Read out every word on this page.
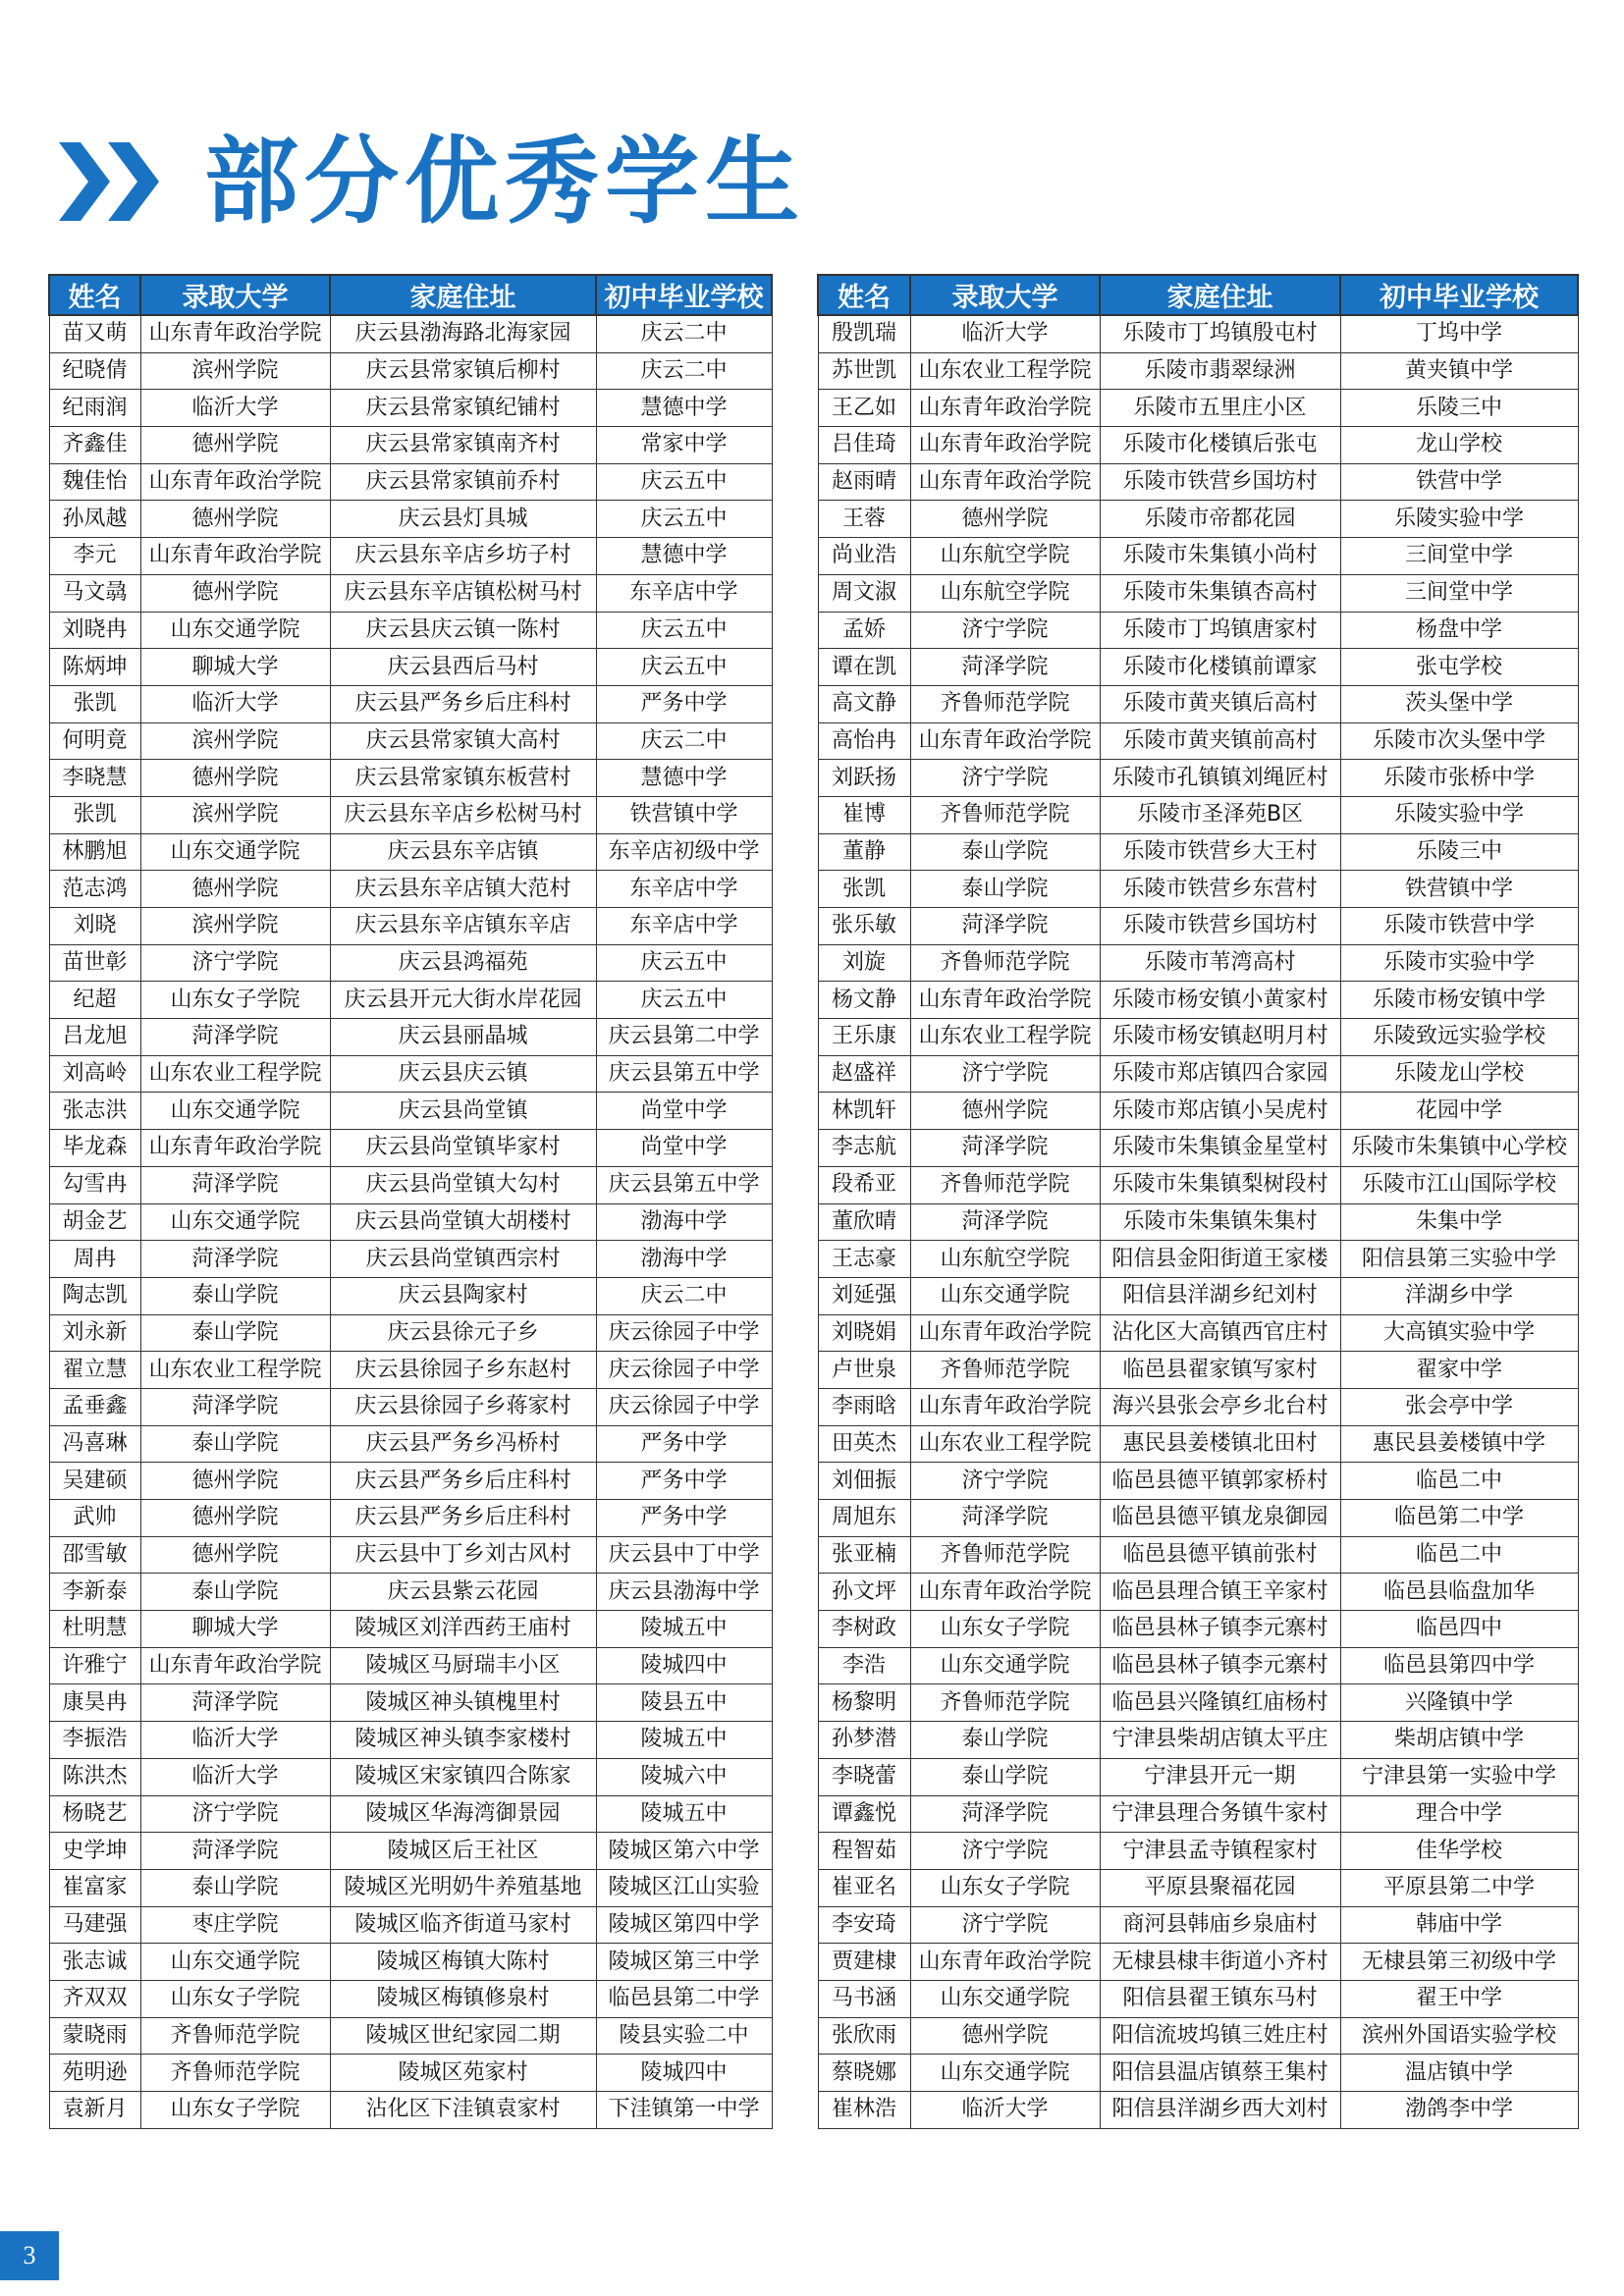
部分优秀学生
姓名	录取大学	家庭住址	初中毕业学校
苗又萌	山东青年政治学院	庆云县渤海路北海家园	庆云二中
纪晓倩	滨州学院	庆云县常家镇后柳村	庆云二中
纪雨润	临沂大学	庆云县常家镇纪铺村	慧德中学
齐鑫佳	德州学院	庆云县常家镇南齐村	常家中学
魏佳怡	山东青年政治学院	庆云县常家镇前乔村	庆云五中
孙凤越	德州学院	庆云县灯具城	庆云五中
李元	山东青年政治学院	庆云县东辛店乡坊子村	慧德中学
马文骉	德州学院	庆云县东辛店镇松树马村	东辛店中学
刘晓冉	山东交通学院	庆云县庆云镇一陈村	庆云五中
陈炳坤	聊城大学	庆云县西后马村	庆云五中
张凯	临沂大学	庆云县严务乡后庄科村	严务中学
何明竟	滨州学院	庆云县常家镇大高村	庆云二中
李晓慧	德州学院	庆云县常家镇东板营村	慧德中学
张凯	滨州学院	庆云县东辛店乡松树马村	铁营镇中学
林鹏旭	山东交通学院	庆云县东辛店镇	东辛店初级中学
范志鸿	德州学院	庆云县东辛店镇大范村	东辛店中学
刘晓	滨州学院	庆云县东辛店镇东辛店	东辛店中学
苗世彰	济宁学院	庆云县鸿福苑	庆云五中
纪超	山东女子学院	庆云县开元大街水岸花园	庆云五中
吕龙旭	菏泽学院	庆云县丽晶城	庆云县第二中学
刘高岭	山东农业工程学院	庆云县庆云镇	庆云县第五中学
张志洪	山东交通学院	庆云县尚堂镇	尚堂中学
毕龙森	山东青年政治学院	庆云县尚堂镇毕家村	尚堂中学
勾雪冉	菏泽学院	庆云县尚堂镇大勾村	庆云县第五中学
胡金艺	山东交通学院	庆云县尚堂镇大胡楼村	渤海中学
周冉	菏泽学院	庆云县尚堂镇西宗村	渤海中学
陶志凯	泰山学院	庆云县陶家村	庆云二中
刘永新	泰山学院	庆云县徐元子乡	庆云徐园子中学
翟立慧	山东农业工程学院	庆云县徐园子乡东赵村	庆云徐园子中学
孟垂鑫	菏泽学院	庆云县徐园子乡蒋家村	庆云徐园子中学
冯喜琳	泰山学院	庆云县严务乡冯桥村	严务中学
吴建硕	德州学院	庆云县严务乡后庄科村	严务中学
武帅	德州学院	庆云县严务乡后庄科村	严务中学
邵雪敏	德州学院	庆云县中丁乡刘古风村	庆云县中丁中学
李新泰	泰山学院	庆云县紫云花园	庆云县渤海中学
杜明慧	聊城大学	陵城区刘洋西药王庙村	陵城五中
许雅宁	山东青年政治学院	陵城区马厨瑞丰小区	陵城四中
康昊冉	菏泽学院	陵城区神头镇槐里村	陵县五中
李振浩	临沂大学	陵城区神头镇李家楼村	陵城五中
陈洪杰	临沂大学	陵城区宋家镇四合陈家	陵城六中
杨晓艺	济宁学院	陵城区华海湾御景园	陵城五中
史学坤	菏泽学院	陵城区后王社区	陵城区第六中学
崔富家	泰山学院	陵城区光明奶牛养殖基地	陵城区江山实验
马建强	枣庄学院	陵城区临齐街道马家村	陵城区第四中学
张志诚	山东交通学院	陵城区梅镇大陈村	陵城区第三中学
齐双双	山东女子学院	陵城区梅镇修泉村	临邑县第二中学
蒙晓雨	齐鲁师范学院	陵城区世纪家园二期	陵县实验二中
苑明逊	齐鲁师范学院	陵城区苑家村	陵城四中
袁新月	山东女子学院	沾化区下洼镇袁家村	下洼镇第一中学
姓名	录取大学	家庭住址	初中毕业学校
殷凯瑞	临沂大学	乐陵市丁坞镇殷屯村	丁坞中学
苏世凯	山东农业工程学院	乐陵市翡翠绿洲	黄夹镇中学
王乙如	山东青年政治学院	乐陵市五里庄小区	乐陵三中
吕佳琦	山东青年政治学院	乐陵市化楼镇后张屯	龙山学校
赵雨晴	山东青年政治学院	乐陵市铁营乡国坊村	铁营中学
王蓉	德州学院	乐陵市帝都花园	乐陵实验中学
尚业浩	山东航空学院	乐陵市朱集镇小尚村	三间堂中学
周文淑	山东航空学院	乐陵市朱集镇杏高村	三间堂中学
孟娇	济宁学院	乐陵市丁坞镇唐家村	杨盘中学
谭在凯	菏泽学院	乐陵市化楼镇前谭家	张屯学校
高文静	齐鲁师范学院	乐陵市黄夹镇后高村	茨头堡中学
高怡冉	山东青年政治学院	乐陵市黄夹镇前高村	乐陵市次头堡中学
刘跃扬	济宁学院	乐陵市孔镇镇刘绳匠村	乐陵市张桥中学
崔博	齐鲁师范学院	乐陵市圣泽苑B区	乐陵实验中学
董静	泰山学院	乐陵市铁营乡大王村	乐陵三中
张凯	泰山学院	乐陵市铁营乡东营村	铁营镇中学
张乐敏	菏泽学院	乐陵市铁营乡国坊村	乐陵市铁营中学
刘旋	齐鲁师范学院	乐陵市苇湾高村	乐陵市实验中学
杨文静	山东青年政治学院	乐陵市杨安镇小黄家村	乐陵市杨安镇中学
王乐康	山东农业工程学院	乐陵市杨安镇赵明月村	乐陵致远实验学校
赵盛祥	济宁学院	乐陵市郑店镇四合家园	乐陵龙山学校
林凯轩	德州学院	乐陵市郑店镇小吴虎村	花园中学
李志航	菏泽学院	乐陵市朱集镇金星堂村	乐陵市朱集镇中心学校
段希亚	齐鲁师范学院	乐陵市朱集镇梨树段村	乐陵市江山国际学校
董欣晴	菏泽学院	乐陵市朱集镇朱集村	朱集中学
王志豪	山东航空学院	阳信县金阳街道王家楼	阳信县第三实验中学
刘延强	山东交通学院	阳信县洋湖乡纪刘村	洋湖乡中学
刘晓娟	山东青年政治学院	沾化区大高镇西官庄村	大高镇实验中学
卢世泉	齐鲁师范学院	临邑县翟家镇写家村	翟家中学
李雨晗	山东青年政治学院	海兴县张会亭乡北台村	张会亭中学
田英杰	山东农业工程学院	惠民县姜楼镇北田村	惠民县姜楼镇中学
刘佃振	济宁学院	临邑县德平镇郭家桥村	临邑二中
周旭东	菏泽学院	临邑县德平镇龙泉御园	临邑第二中学
张亚楠	齐鲁师范学院	临邑县德平镇前张村	临邑二中
孙文坪	山东青年政治学院	临邑县理合镇王辛家村	临邑县临盘加华
李树政	山东女子学院	临邑县林子镇李元寨村	临邑四中
李浩	山东交通学院	临邑县林子镇李元寨村	临邑县第四中学
杨黎明	齐鲁师范学院	临邑县兴隆镇红庙杨村	兴隆镇中学
孙梦潜	泰山学院	宁津县柴胡店镇太平庄	柴胡店镇中学
李晓蕾	泰山学院	宁津县开元一期	宁津县第一实验中学
谭鑫悦	菏泽学院	宁津县理合务镇牛家村	理合中学
程智茹	济宁学院	宁津县孟寺镇程家村	佳华学校
崔亚名	山东女子学院	平原县聚福花园	平原县第二中学
李安琦	济宁学院	商河县韩庙乡泉庙村	韩庙中学
贾建棣	山东青年政治学院	无棣县棣丰街道小齐村	无棣县第三初级中学
马书涵	山东交通学院	阳信县翟王镇东马村	翟王中学
张欣雨	德州学院	阳信流坡坞镇三姓庄村	滨州外国语实验学校
蔡晓娜	山东交通学院	阳信县温店镇蔡王集村	温店镇中学
崔林浩	临沂大学	阳信县洋湖乡西大刘村	渤鸽李中学
3
